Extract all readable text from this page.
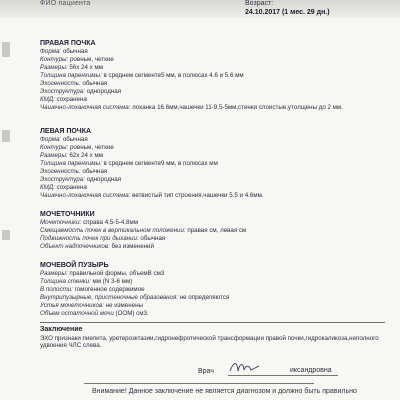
ФИО пациента	Возраст:
24.10.2017 (1 мес. 29 дн.)
ПРАВАЯ ПОЧКА
Форма: обычная
Контуры: ровные, четкие
Размеры: 56х 24 х мм
Толщина паренхимы: в среднем сегменте5 мм, в полюсах 4.6 и 5.6 мм
Эхогенность: обычная
Эхоструктура: однородная
КМД: сохранена
Чашечно-лоханочная система: лоханка 16.6мм,чашечки 11-9.5-5мм,стенки слоистые,утолщены до 2 мм.
ЛЕВАЯ ПОЧКА
Форма: обычная
Контуры: ровные, четкие
Размеры: 62х 24 х мм
Толщина паренхимы: в среднем сегменте9 мм, в полюсах мм
Эхогенность: обычная
Эхоструктура: однородная
КМД: сохранена
Чашечно-лоханочная система: ветвистый тип строения,чашечки 5.5 и 4.6мм.
МОЧЕТОЧНИКИ
Мочеточники: справа 4.5-5-4.8мм
Смещаемость почек в вертикальном положении: правая см, левая см
Подвижность почек при дыхании: обычная
Объект надпочечников: без изменений
МОЧЕВОЙ ПУЗЫРЬ
Размеры: правильной формы, объемВ см3
Толщина стенки: мм (N 3-6 мм)
В полости: гомогенное содержимое
Внутрипузырные, пристеночные образования: не определяются
Устья мочеточников: не изменены
Объем остаточной мочи (ООМ) см3.
Заключение
ЭХО признаки пиелита, уретерозктазии,гидронефротической трансформации правой почки,гидрокаликоза,неполного удвоения ЧЛС слева.
Врач	иксандровна
Внимание! Данное заключение не является диагнозом и должно быть правильно
